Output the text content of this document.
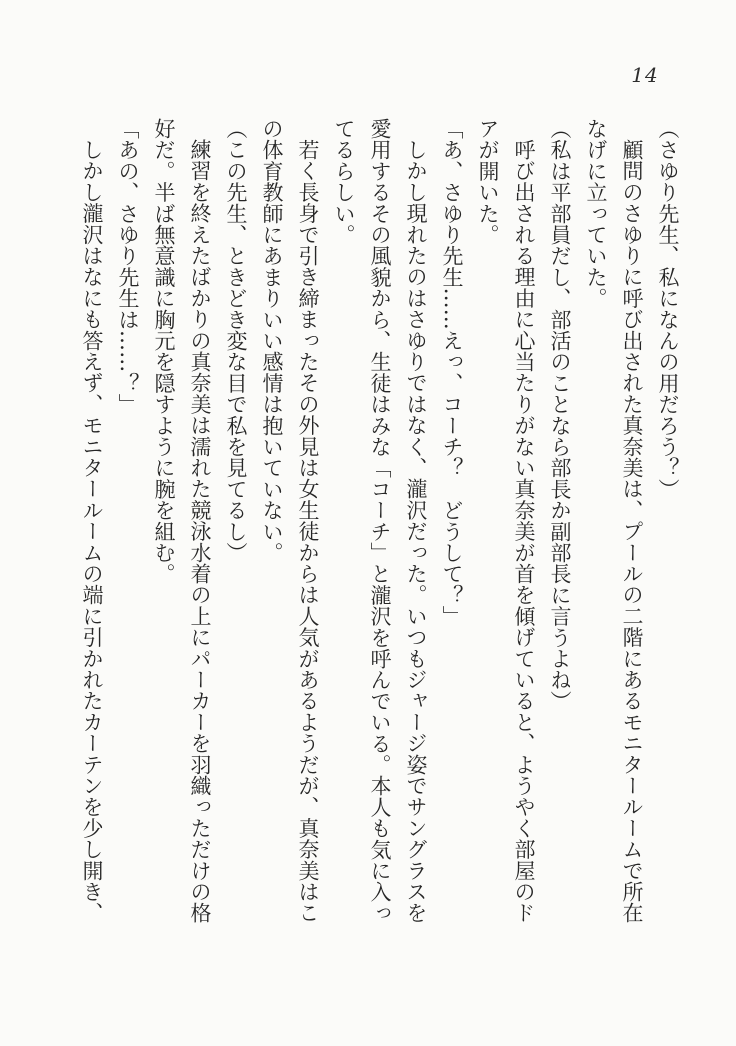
14

（さゆり先生、私になんの用だろう？）

顧問のさゆりに呼び出された真奈美は、プールの二階にあるモニタールームで所在

なげに立っていた。

（私は平部員だし、部活のことなら部長か副部長に言うよね）

呼び出される理由に心当たりがない真奈美が首を傾げていると、ようやく部屋のド

アが開いた。

「あ、さゆり先生……えっ、コーチ？　どうして？」

しかし現れたのはさゆりではなく、瀧沢だった。いつもジャージ姿でサングラスを

愛用するその風貌から、生徒はみな「コーチ」と瀧沢を呼んでいる。本人も気に入っ

てるらしい。

若く長身で引き締まったその外見は女生徒からは人気があるようだが、真奈美はこ

の体育教師にあまりいい感情は抱いていない。

（この先生、ときどき変な目で私を見てるし）

練習を終えたばかりの真奈美は濡れた競泳水着の上にパーカーを羽織っただけの格

好だ。半ば無意識に胸元を隠すように腕を組む。

「あの、さゆり先生は……？」

しかし瀧沢はなにも答えず、モニタールームの端に引かれたカーテンを少し開き、
